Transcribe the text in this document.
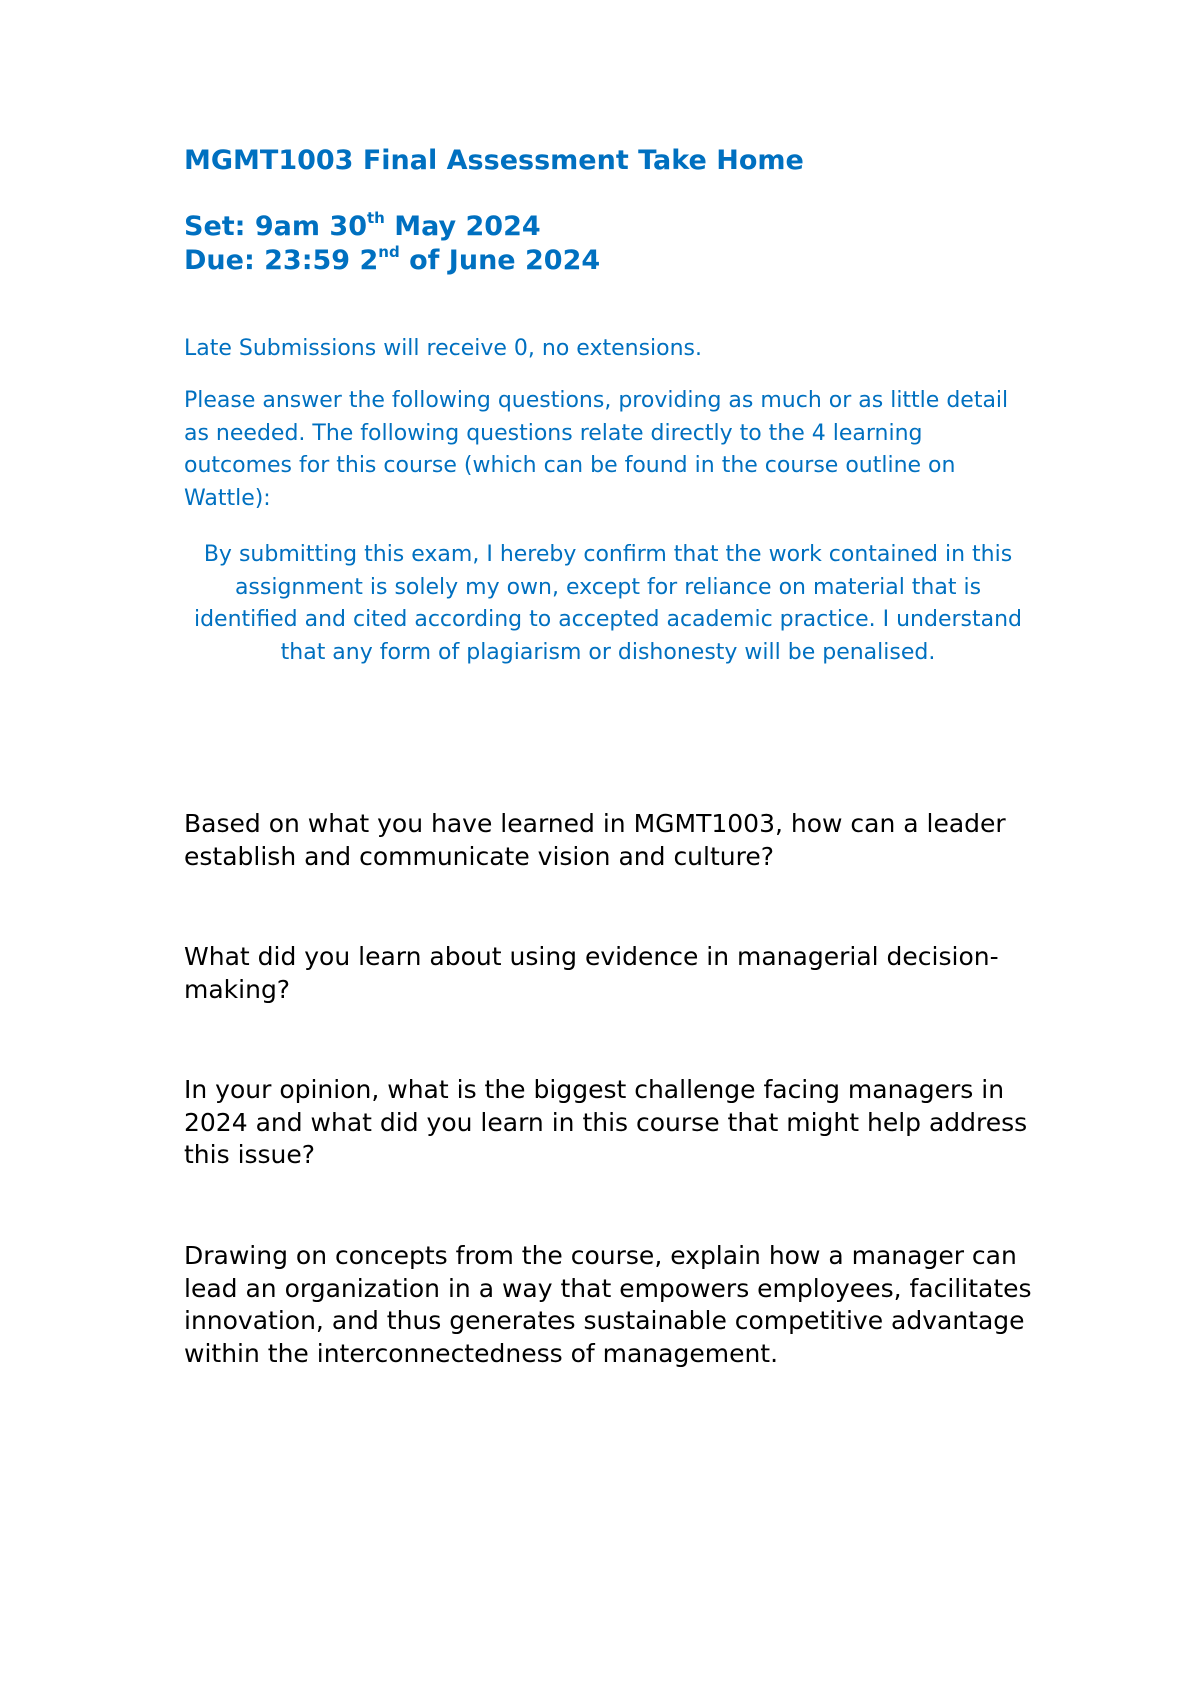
MGMT1003 Final Assessment Take Home
Set: 9am 30th May 2024
Due: 23:59 2nd of June 2024
Late Submissions will receive 0, no extensions.
Please answer the following questions, providing as much or as little detail as needed. The following questions relate directly to the 4 learning outcomes for this course (which can be found in the course outline on Wattle):
By submitting this exam, I hereby confirm that the work contained in this assignment is solely my own, except for reliance on material that is identified and cited according to accepted academic practice. I understand that any form of plagiarism or dishonesty will be penalised.
Based on what you have learned in MGMT1003, how can a leader establish and communicate vision and culture?
What did you learn about using evidence in managerial decision-making?
In your opinion, what is the biggest challenge facing managers in 2024 and what did you learn in this course that might help address this issue?
Drawing on concepts from the course, explain how a manager can lead an organization in a way that empowers employees, facilitates innovation, and thus generates sustainable competitive advantage within the interconnectedness of management.
